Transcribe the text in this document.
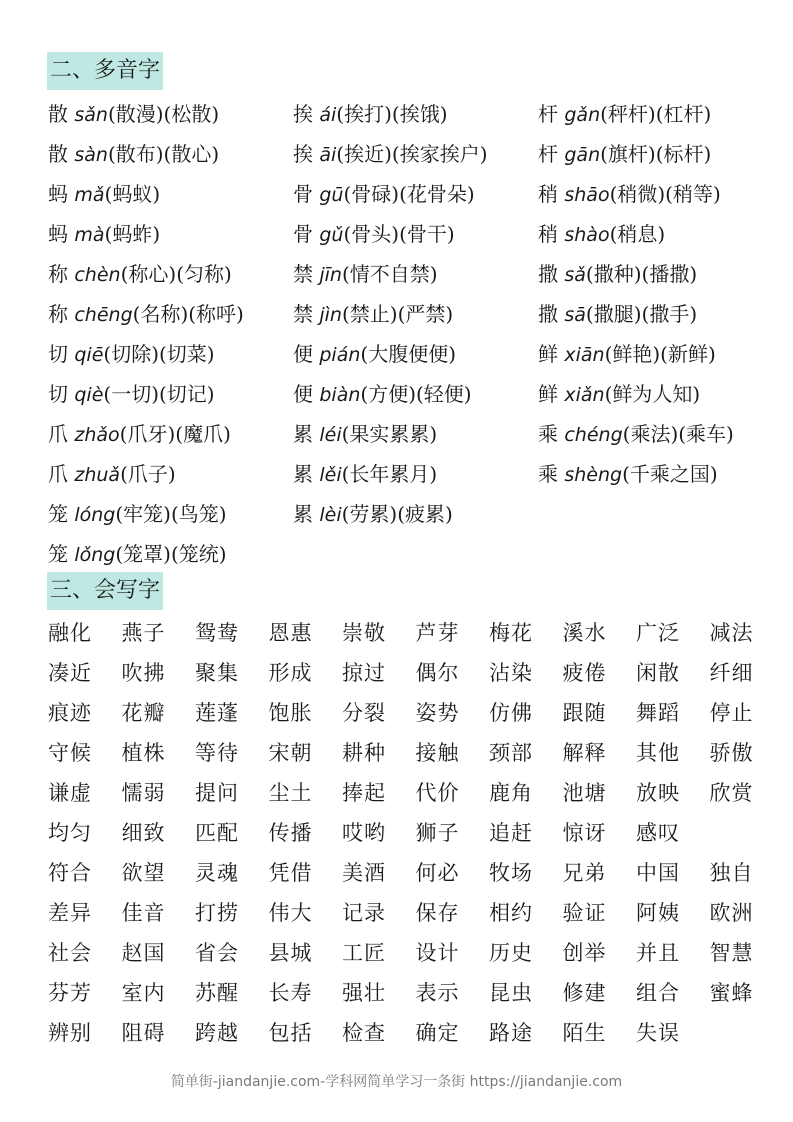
二、多音字
散 sǎn(散漫)(松散)	挨 ái(挨打)(挨饿)	杆 gǎn(秤杆)(杠杆)
散 sàn(散布)(散心)	挨 āi(挨近)(挨家挨户)	杆 gān(旗杆)(标杆)
蚂 mǎ(蚂蚁)	骨 gū(骨碌)(花骨朵)	稍 shāo(稍微)(稍等)
蚂 mà(蚂蚱)	骨 gǔ(骨头)(骨干)	稍 shào(稍息)
称 chèn(称心)(匀称)	禁 jīn(情不自禁)	撒 sǎ(撒种)(播撒)
称 chēng(名称)(称呼)	禁 jìn(禁止)(严禁)	撒 sā(撒腿)(撒手)
切 qiē(切除)(切菜)	便 pián(大腹便便)	鲜 xiān(鲜艳)(新鲜)
切 qiè(一切)(切记)	便 biàn(方便)(轻便)	鲜 xiǎn(鲜为人知)
爪 zhǎo(爪牙)(魔爪)	累 léi(果实累累)	乘 chéng(乘法)(乘车)
爪 zhuǎ(爪子)	累 lěi(长年累月)	乘 shèng(千乘之国)
笼 lóng(牢笼)(鸟笼)	累 lèi(劳累)(疲累)
笼 lǒng(笼罩)(笼统)
三、会写字
融化	燕子	鸳鸯	恩惠	崇敬	芦芽	梅花	溪水	广泛	减法
凑近	吹拂	聚集	形成	掠过	偶尔	沾染	疲倦	闲散	纤细
痕迹	花瓣	莲蓬	饱胀	分裂	姿势	仿佛	跟随	舞蹈	停止
守候	植株	等待	宋朝	耕种	接触	颈部	解释	其他	骄傲
谦虚	懦弱	提问	尘土	捧起	代价	鹿角	池塘	放映	欣赏
均匀	细致	匹配	传播	哎哟	狮子	追赶	惊讶	感叹
符合	欲望	灵魂	凭借	美酒	何必	牧场	兄弟	中国	独自
差异	佳音	打捞	伟大	记录	保存	相约	验证	阿姨	欧洲
社会	赵国	省会	县城	工匠	设计	历史	创举	并且	智慧
芬芳	室内	苏醒	长寿	强壮	表示	昆虫	修建	组合	蜜蜂
辨别	阻碍	跨越	包括	检查	确定	路途	陌生	失误
简单街-jiandanjie.com-学科网简单学习一条街 https://jiandanjie.com
